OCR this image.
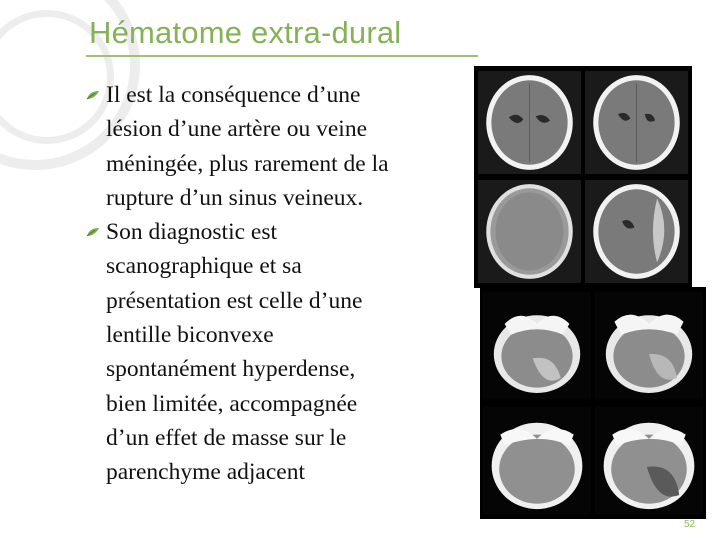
Hématome extra-dural
Il est la conséquence d’une
lésion d’une artère ou veine
méningée, plus rarement de la
rupture d’un sinus veineux.
Son diagnostic est
scanographique et sa
présentation est celle d’une
lentille biconvexe
spontanément hyperdense,
bien limitée, accompagnée
d’un effet de masse sur le
parenchyme adjacent
52
